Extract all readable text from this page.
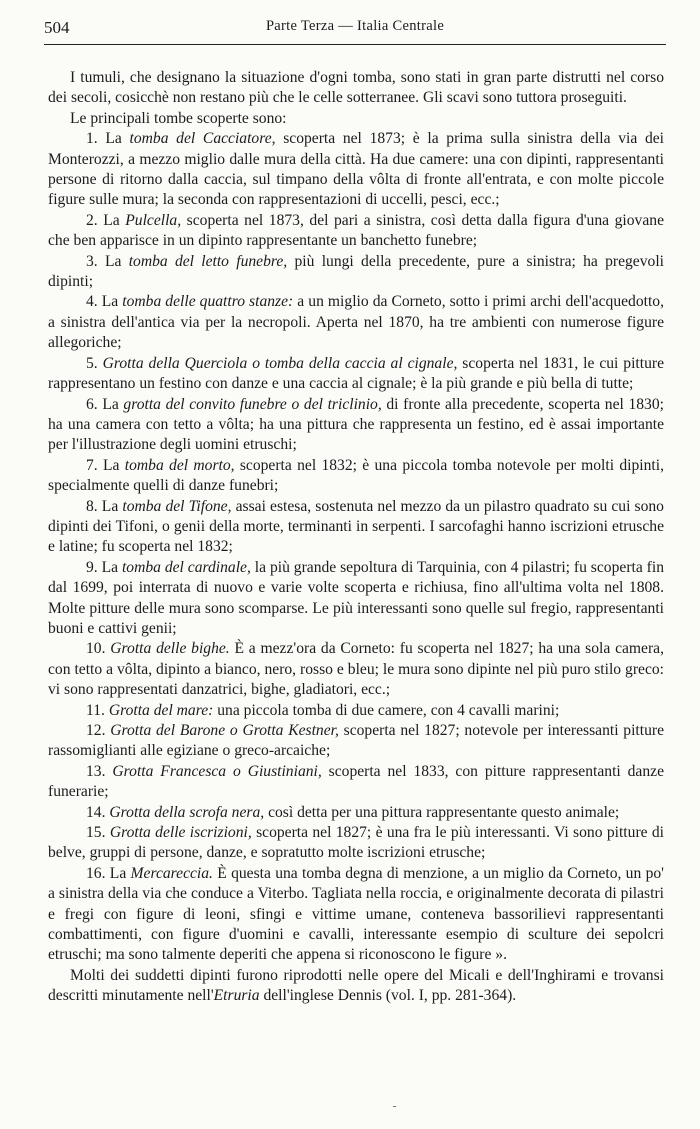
504	Parte Terza — Italia Centrale

I tumuli, che designano la situazione d'ogni tomba, sono stati in gran parte distrutti nel corso dei secoli, cosicchè non restano più che le celle sotterranee. Gli scavi sono tuttora proseguiti.

Le principali tombe scoperte sono:

1. La tomba del Cacciatore, scoperta nel 1873; è la prima sulla sinistra della via dei Monterozzi, a mezzo miglio dalle mura della città. Ha due camere: una con dipinti, rappresentanti persone di ritorno dalla caccia, sul timpano della vôlta di fronte all'entrata, e con molte piccole figure sulle mura; la seconda con rappresentazioni di uccelli, pesci, ecc.;

2. La Pulcella, scoperta nel 1873, del pari a sinistra, così detta dalla figura d'una giovane che ben apparisce in un dipinto rappresentante un banchetto funebre;

3. La tomba del letto funebre, più lungi della precedente, pure a sinistra; ha pregevoli dipinti;

4. La tomba delle quattro stanze: a un miglio da Corneto, sotto i primi archi dell'acquedotto, a sinistra dell'antica via per la necropoli. Aperta nel 1870, ha tre ambienti con numerose figure allegoriche;

5. Grotta della Querciola o tomba della caccia al cignale, scoperta nel 1831, le cui pitture rappresentano un festino con danze e una caccia al cignale; è la più grande e più bella di tutte;

6. La grotta del convito funebre o del triclinio, di fronte alla precedente, scoperta nel 1830; ha una camera con tetto a vôlta; ha una pittura che rappresenta un festino, ed è assai importante per l'illustrazione degli uomini etruschi;

7. La tomba del morto, scoperta nel 1832; è una piccola tomba notevole per molti dipinti, specialmente quelli di danze funebri;

8. La tomba del Tifone, assai estesa, sostenuta nel mezzo da un pilastro quadrato su cui sono dipinti dei Tifoni, o genii della morte, terminanti in serpenti. I sarcofaghi hanno iscrizioni etrusche e latine; fu scoperta nel 1832;

9. La tomba del cardinale, la più grande sepoltura di Tarquinia, con 4 pilastri; fu scoperta fin dal 1699, poi interrata di nuovo e varie volte scoperta e richiusa, fino all'ultima volta nel 1808. Molte pitture delle mura sono scomparse. Le più interessanti sono quelle sul fregio, rappresentanti buoni e cattivi genii;

10. Grotta delle bighe. È a mezz'ora da Corneto: fu scoperta nel 1827; ha una sola camera, con tetto a vôlta, dipinto a bianco, nero, rosso e bleu; le mura sono dipinte nel più puro stilo greco: vi sono rappresentati danzatrici, bighe, gladiatori, ecc.;

11. Grotta del mare: una piccola tomba di due camere, con 4 cavalli marini;

12. Grotta del Barone o Grotta Kestner, scoperta nel 1827; notevole per interessanti pitture rassomiglianti alle egiziane o greco-arcaiche;

13. Grotta Francesca o Giustiniani, scoperta nel 1833, con pitture rappresentanti danze funerarie;

14. Grotta della scrofa nera, così detta per una pittura rappresentante questo animale;

15. Grotta delle iscrizioni, scoperta nel 1827; è una fra le più interessanti. Vi sono pitture di belve, gruppi di persone, danze, e sopratutto molte iscrizioni etrusche;

16. La Mercareccia. È questa una tomba degna di menzione, a un miglio da Corneto, un po' a sinistra della via che conduce a Viterbo. Tagliata nella roccia, e originalmente decorata di pilastri e fregi con figure di leoni, sfingi e vittime umane, conteneva bassorilievi rappresentanti combattimenti, con figure d'uomini e cavalli, interessante esempio di sculture dei sepolcri etruschi; ma sono talmente deperiti che appena si riconoscono le figure ».

Molti dei suddetti dipinti furono riprodotti nelle opere del Micali e dell'Inghirami e trovansi descritti minutamente nell'Etruria dell'inglese Dennis (vol. I, pp. 281-364).
